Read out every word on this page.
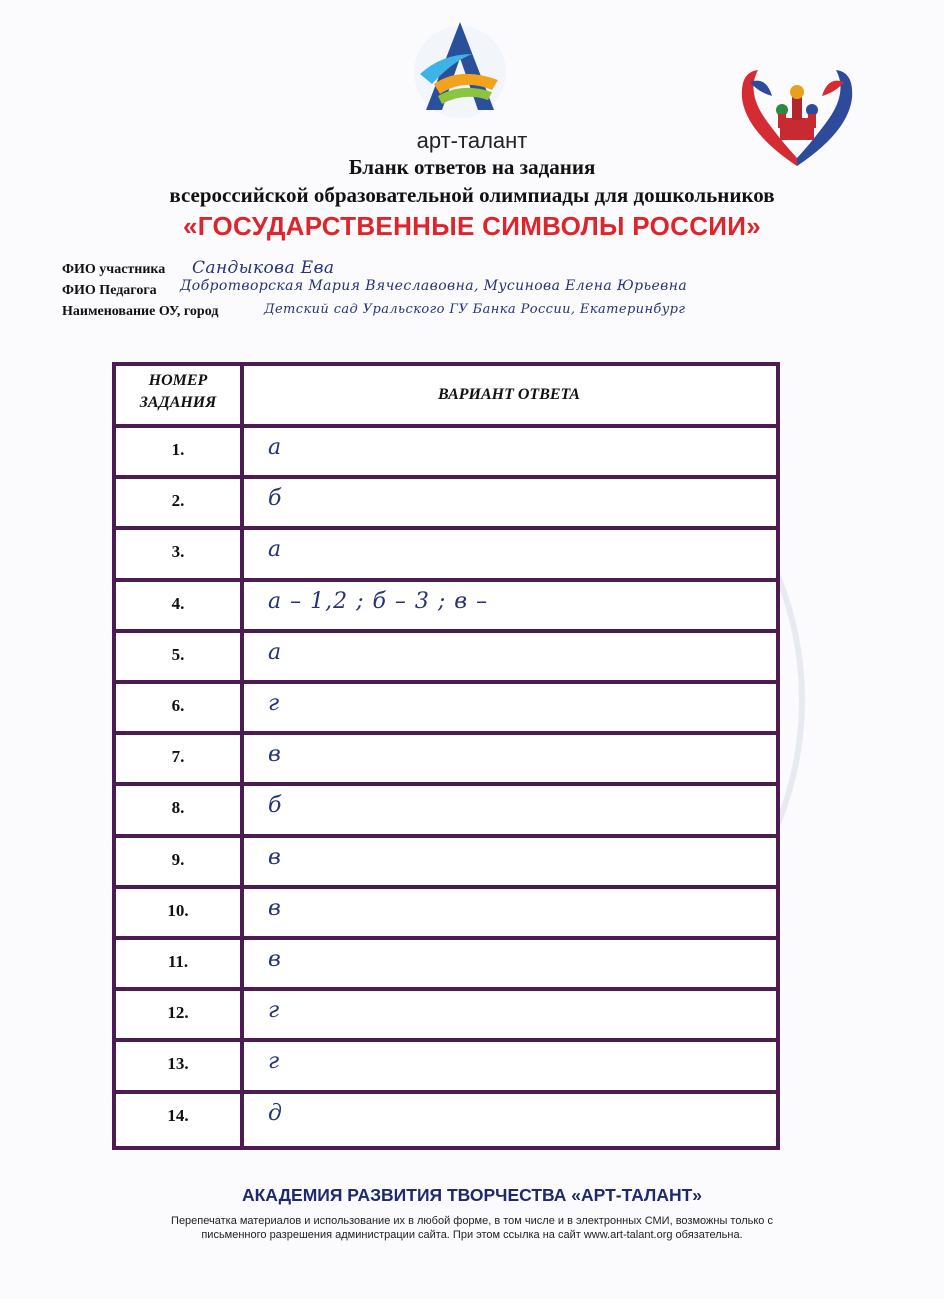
арт-талант
Бланк ответов на задания
всероссийской образовательной олимпиады для дошкольников
«ГОСУДАРСТВЕННЫЕ СИМВОЛЫ РОССИИ»
ФИО участника Сандыкова Ева
ФИО Педагога Добротворская Мария Вячеславовна, Мусинова Елена Юрьевна
Наименование ОУ, город	Детский сад Уральского ГУ Банка России, Екатеринбург
НОМЕР
ЗАДАНИЯ	ВАРИАНТ ОТВЕТА
1.	а
2.	б
3.	а
4.	а – 1,2 ; б – 3 ; в –
5.	а
6.	г
7.	в
8.	б
9.	в
10.	в
11.	в
12.	г
13.	г
14.	д
АКАДЕМИЯ РАЗВИТИЯ ТВОРЧЕСТВА «АРТ-ТАЛАНТ»
Перепечатка материалов и использование их в любой форме, в том числе и в электронных СМИ, возможны только с
письменного разрешения администрации сайта. При этом ссылка на сайт www.art-talant.org обязательна.
